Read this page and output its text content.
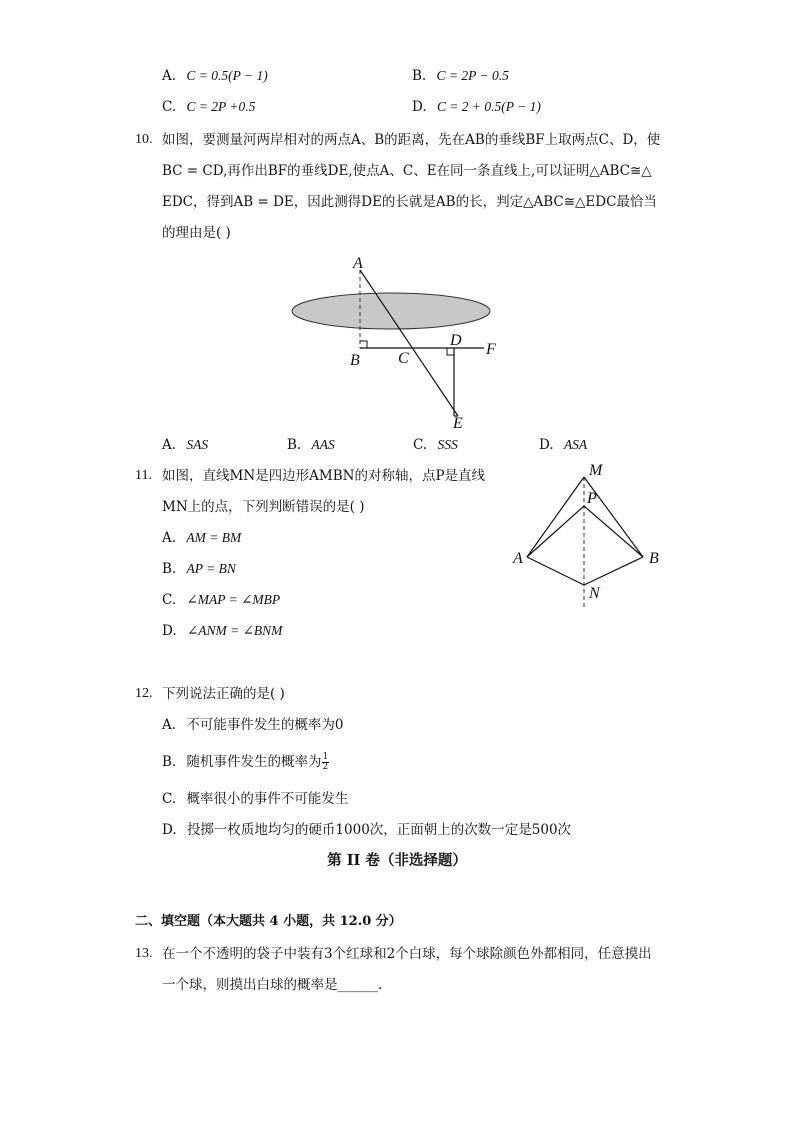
A. C = 0.5(P − 1)	B. C = 2P − 0.5
C. C = 2P +0.5	D. C = 2 + 0.5(P − 1)
10. 如图，要测量河两岸相对的两点A、B的距离，先在AB的垂线BF上取两点C、D，使
BC = CD,再作出BF的垂线DE,使点A、C、E在同一条直线上,可以证明△ABC≅△
EDC，得到AB = DE，因此测得DE的长就是AB的长，判定△ABC≅△EDC最恰当
的理由是( )
A
B C
D
F
E
A. SAS	B. AAS	C. SSS	D. ASA
11. 如图，直线MN是四边形AMBN的对称轴，点P是直线
MN上的点，下列判断错误的是( )
A. AM = BM
B. AP = BN
C. ∠MAP = ∠MBP
D. ∠ANM = ∠BNM
M
P
A	B
N
12. 下列说法正确的是( )
A. 不可能事件发生的概率为0
B. 随机事件发生的概率为 $\frac{1}{2}$
C. 概率很小的事件不可能发生
D. 投掷一枚质地均匀的硬币1000次，正面朝上的次数一定是500次
第 II 卷（非选择题）
二、填空题（本大题共 4 小题，共 12.0 分）
13. 在一个不透明的袋子中装有3个红球和2个白球，每个球除颜色外都相同，任意摸出
一个球，则摸出白球的概率是______.
